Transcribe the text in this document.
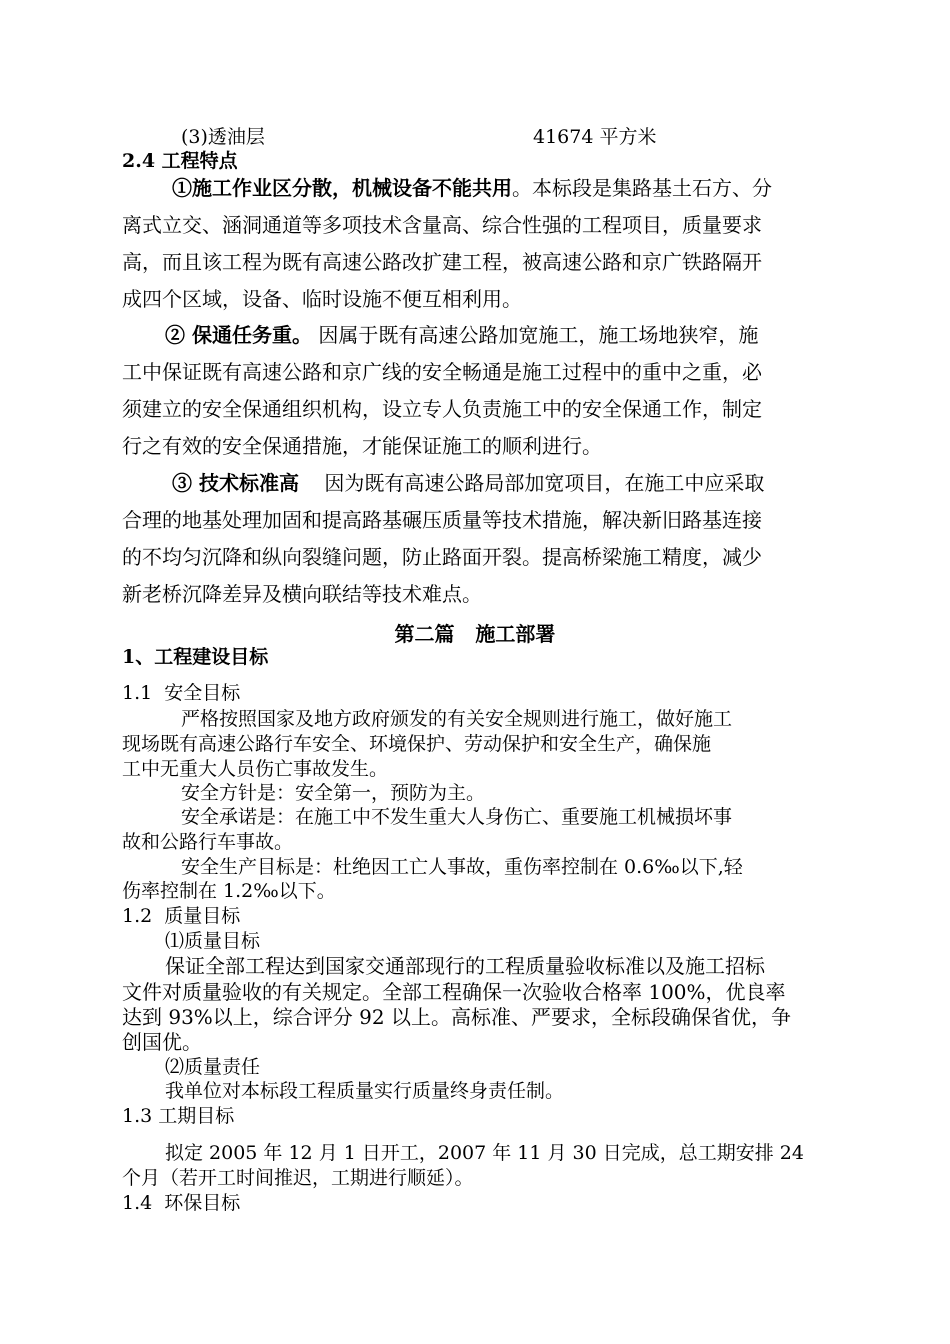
(3)透油层	41674 平方米
2.4 工程特点
①施工作业区分散，机械设备不能共用。本标段是集路基土石方、分
离式立交、涵洞通道等多项技术含量高、综合性强的工程项目，质量要求
高，而且该工程为既有高速公路改扩建工程，被高速公路和京广铁路隔开
成四个区域，设备、临时设施不便互相利用。
② 保通任务重。 因属于既有高速公路加宽施工，施工场地狭窄，施
工中保证既有高速公路和京广线的安全畅通是施工过程中的重中之重，必
须建立的安全保通组织机构，设立专人负责施工中的安全保通工作，制定
行之有效的安全保通措施，才能保证施工的顺利进行。
③ 技术标准高    因为既有高速公路局部加宽项目，在施工中应采取
合理的地基处理加固和提高路基碾压质量等技术措施，解决新旧路基连接
的不均匀沉降和纵向裂缝问题，防止路面开裂。提高桥梁施工精度，减少
新老桥沉降差异及横向联结等技术难点。
第二篇   施工部署
1、工程建设目标
1.1  安全目标
严格按照国家及地方政府颁发的有关安全规则进行施工，做好施工
现场既有高速公路行车安全、环境保护、劳动保护和安全生产，确保施
工中无重大人员伤亡事故发生。
安全方针是：安全第一，预防为主。
安全承诺是：在施工中不发生重大人身伤亡、重要施工机械损坏事
故和公路行车事故。
安全生产目标是：杜绝因工亡人事故，重伤率控制在 0.6‰以下,轻
伤率控制在 1.2‰以下。
1.2  质量目标
⑴质量目标
保证全部工程达到国家交通部现行的工程质量验收标准以及施工招标
文件对质量验收的有关规定。全部工程确保一次验收合格率 100%，优良率
达到 93%以上，综合评分 92 以上。高标准、严要求，全标段确保省优，争
创国优。
⑵质量责任
我单位对本标段工程质量实行质量终身责任制。
1.3 工期目标
拟定 2005 年 12 月 1 日开工，2007 年 11 月 30 日完成，总工期安排 24
个月（若开工时间推迟，工期进行顺延）。
1.4  环保目标
